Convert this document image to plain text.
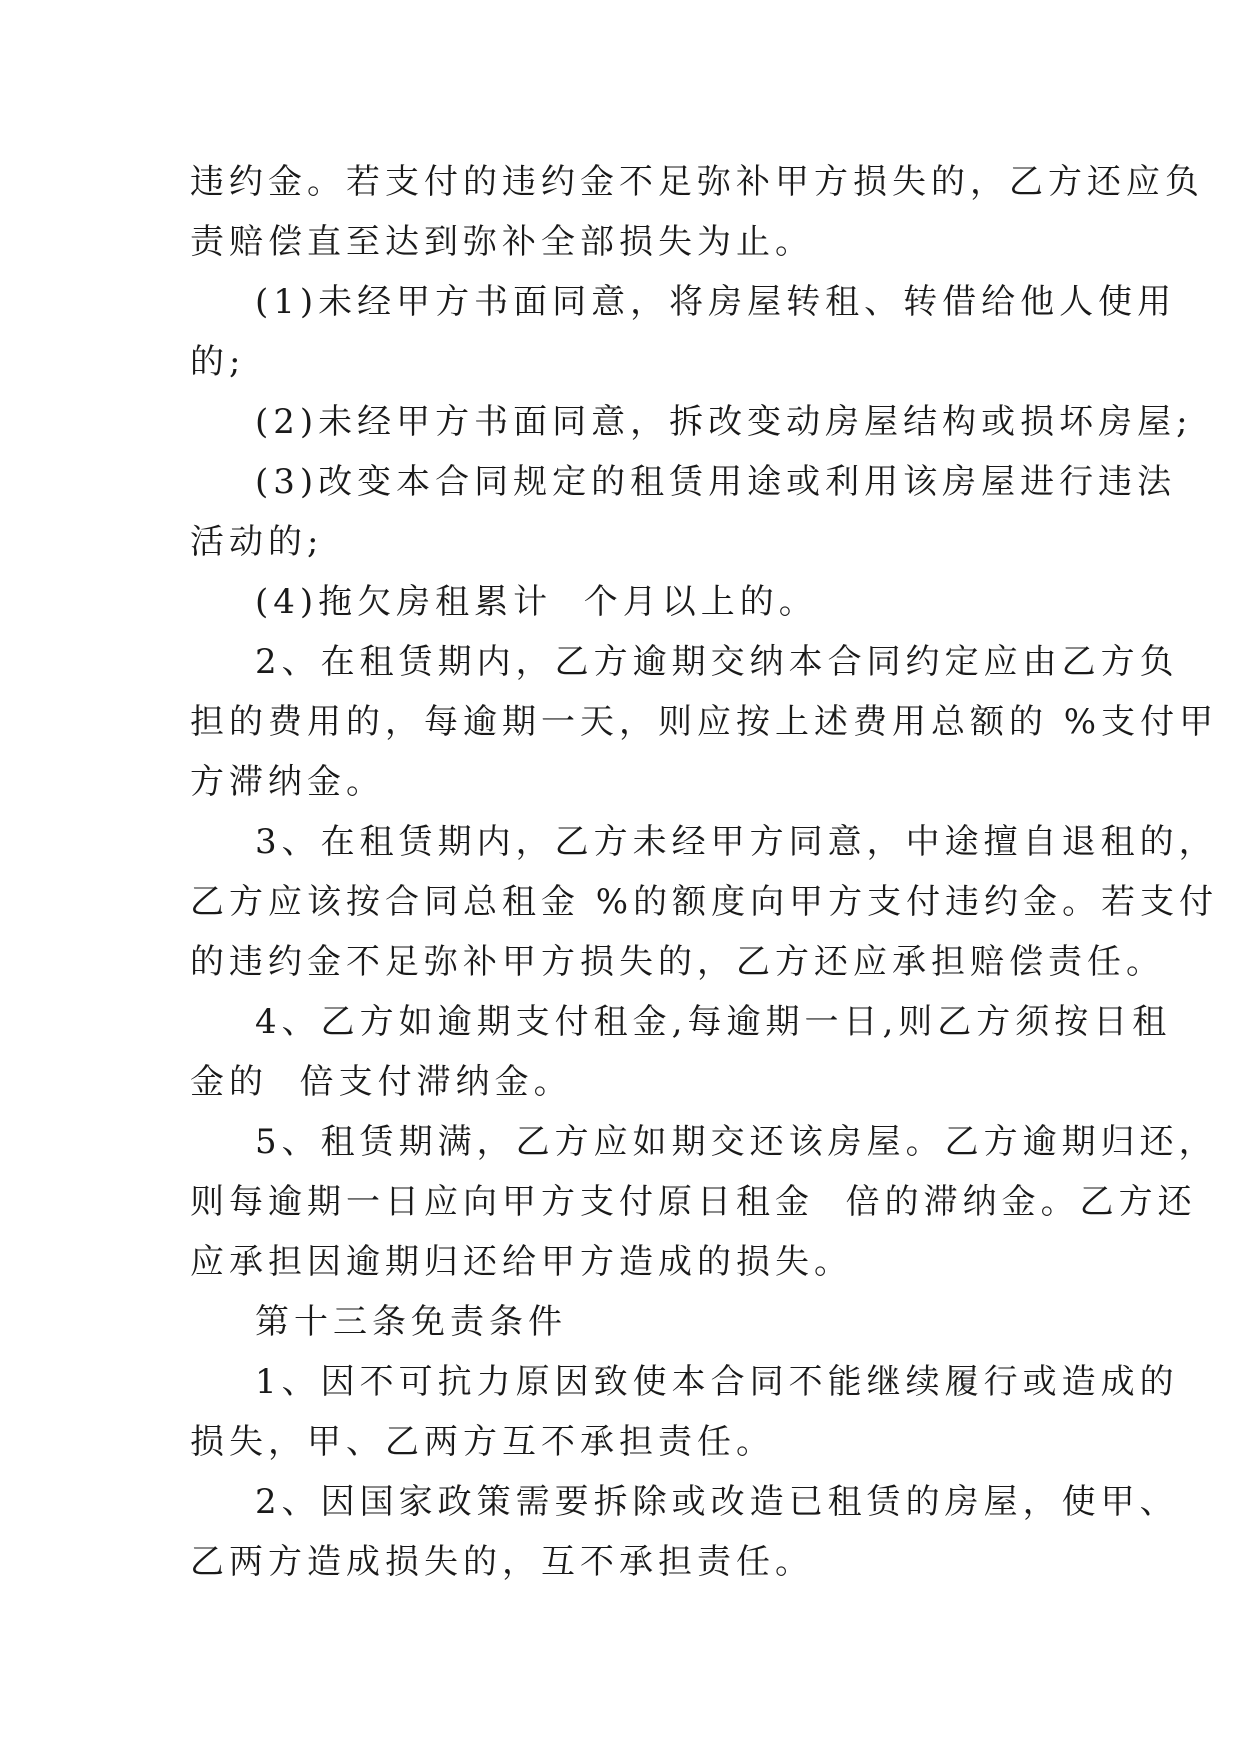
违约金。若支付的违约金不足弥补甲方损失的，乙方还应负
责赔偿直至达到弥补全部损失为止。
(1)未经甲方书面同意，将房屋转租、转借给他人使用
的;
(2)未经甲方书面同意，拆改变动房屋结构或损坏房屋;
(3)改变本合同规定的租赁用途或利用该房屋进行违法
活动的;
(4)拖欠房租累计  个月以上的。
2、在租赁期内，乙方逾期交纳本合同约定应由乙方负
担的费用的，每逾期一天，则应按上述费用总额的 %支付甲
方滞纳金。
3、在租赁期内，乙方未经甲方同意，中途擅自退租的，
乙方应该按合同总租金 %的额度向甲方支付违约金。若支付
的违约金不足弥补甲方损失的，乙方还应承担赔偿责任。
4、乙方如逾期支付租金,每逾期一日,则乙方须按日租
金的  倍支付滞纳金。
5、租赁期满，乙方应如期交还该房屋。乙方逾期归还，
则每逾期一日应向甲方支付原日租金  倍的滞纳金。乙方还
应承担因逾期归还给甲方造成的损失。
第十三条免责条件
1、因不可抗力原因致使本合同不能继续履行或造成的
损失，甲、乙两方互不承担责任。
2、因国家政策需要拆除或改造已租赁的房屋，使甲、
乙两方造成损失的，互不承担责任。
